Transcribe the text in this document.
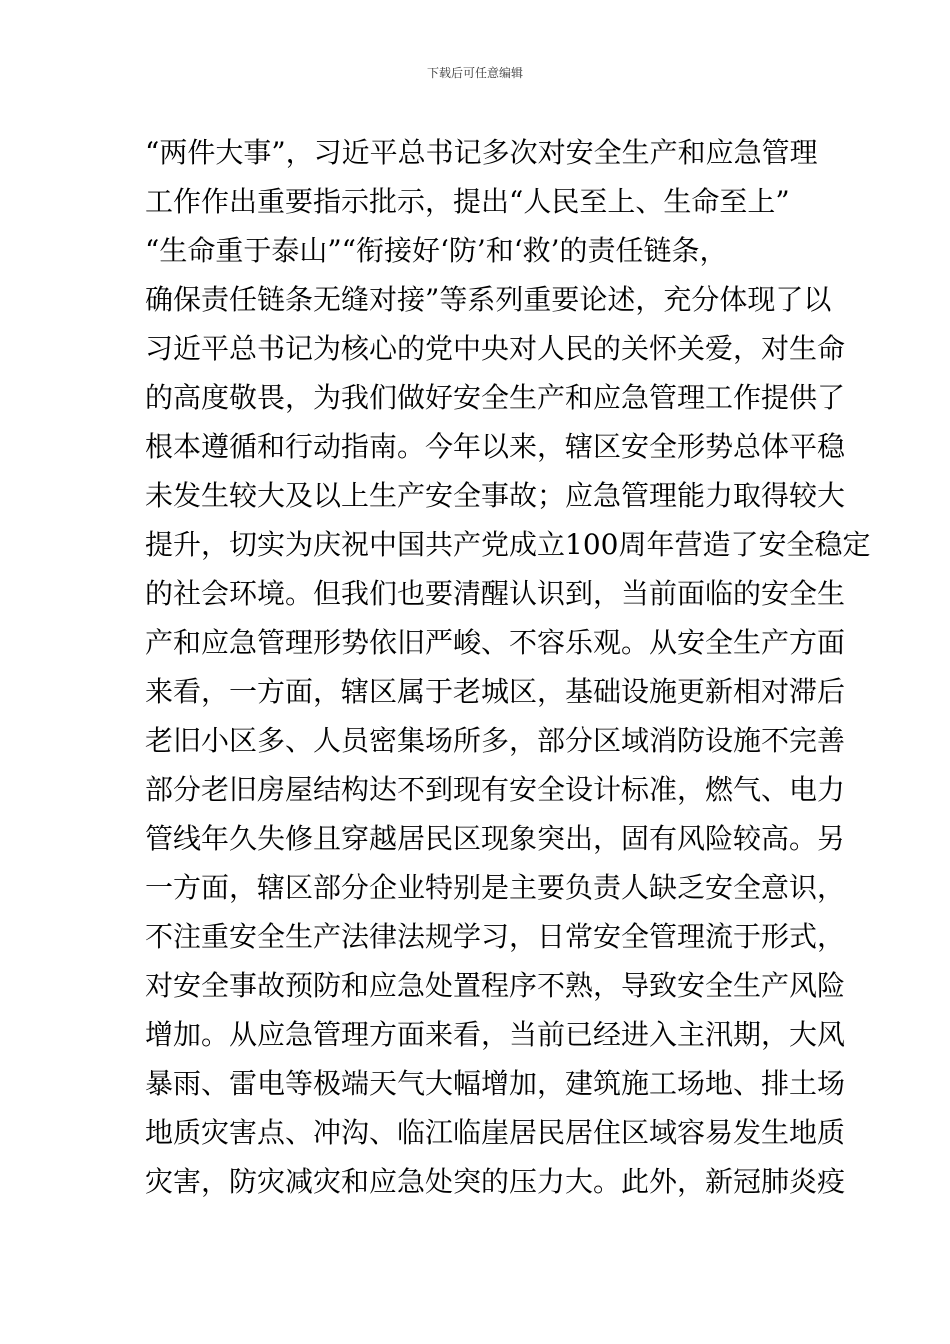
下载后可任意编辑
“两件大事”，习近平总书记多次对安全生产和应急管理
工作作出重要指示批示，提出“人民至上、生命至上”
“生命重于泰山”“衔接好‘防’和‘救’的责任链条，
确保责任链条无缝对接”等系列重要论述，充分体现了以
习近平总书记为核心的党中央对人民的关怀关爱，对生命
的高度敬畏，为我们做好安全生产和应急管理工作提供了
根本遵循和行动指南。今年以来，辖区安全形势总体平稳
未发生较大及以上生产安全事故；应急管理能力取得较大
提升，切实为庆祝中国共产党成立100周年营造了安全稳定
的社会环境。但我们也要清醒认识到，当前面临的安全生
产和应急管理形势依旧严峻、不容乐观。从安全生产方面
来看，一方面，辖区属于老城区，基础设施更新相对滞后
老旧小区多、人员密集场所多，部分区域消防设施不完善
部分老旧房屋结构达不到现有安全设计标准，燃气、电力
管线年久失修且穿越居民区现象突出，固有风险较高。另
一方面，辖区部分企业特别是主要负责人缺乏安全意识，
不注重安全生产法律法规学习，日常安全管理流于形式，
对安全事故预防和应急处置程序不熟，导致安全生产风险
增加。从应急管理方面来看，当前已经进入主汛期，大风
暴雨、雷电等极端天气大幅增加，建筑施工场地、排土场
地质灾害点、冲沟、临江临崖居民居住区域容易发生地质
灾害，防灾减灾和应急处突的压力大。此外，新冠肺炎疫
